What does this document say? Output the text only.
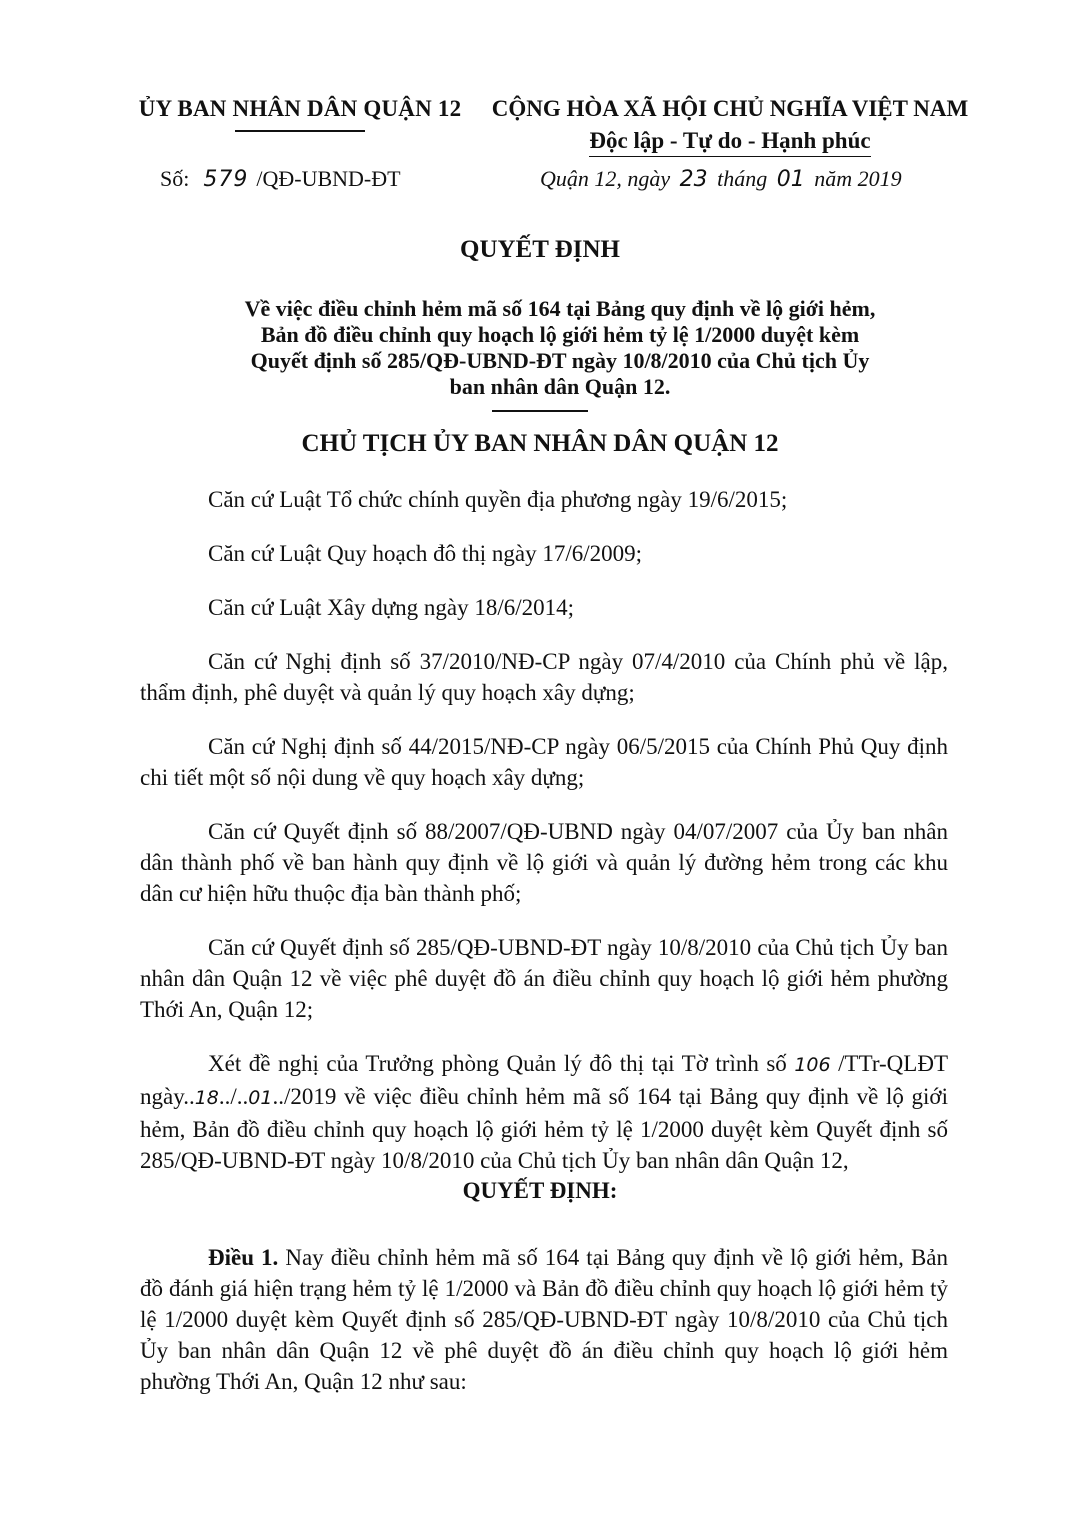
ỦY BAN NHÂN DÂN QUẬN 12	CỘNG HÒA XÃ HỘI CHỦ NGHĨA VIỆT NAM
Độc lập - Tự do - Hạnh phúc
Số: 579 /QĐ-UBND-ĐT	Quận 12, ngày 23 tháng 01 năm 2019
QUYẾT ĐỊNH
Về việc điều chỉnh hẻm mã số 164 tại Bảng quy định về lộ giới hẻm,
Bản đồ điều chỉnh quy hoạch lộ giới hẻm tỷ lệ 1/2000 duyệt kèm
Quyết định số 285/QĐ-UBND-ĐT ngày 10/8/2010 của Chủ tịch Ủy
ban nhân dân Quận 12.
CHỦ TỊCH ỦY BAN NHÂN DÂN QUẬN 12

Căn cứ Luật Tổ chức chính quyền địa phương ngày 19/6/2015;

Căn cứ Luật Quy hoạch đô thị ngày 17/6/2009;

Căn cứ Luật Xây dựng ngày 18/6/2014;

Căn cứ Nghị định số 37/2010/NĐ-CP ngày 07/4/2010 của Chính phủ về lập, thẩm định, phê duyệt và quản lý quy hoạch xây dựng;

Căn cứ Nghị định số 44/2015/NĐ-CP ngày 06/5/2015 của Chính Phủ Quy định chi tiết một số nội dung về quy hoạch xây dựng;

Căn cứ Quyết định số 88/2007/QĐ-UBND ngày 04/07/2007 của Ủy ban nhân dân thành phố về ban hành quy định về lộ giới và quản lý đường hẻm trong các khu dân cư hiện hữu thuộc địa bàn thành phố;

Căn cứ Quyết định số 285/QĐ-UBND-ĐT ngày 10/8/2010 của Chủ tịch Ủy ban nhân dân Quận 12 về việc phê duyệt đồ án điều chỉnh quy hoạch lộ giới hẻm phường Thới An, Quận 12;

Xét đề nghị của Trưởng phòng Quản lý đô thị tại Tờ trình số 106 /TTr-QLĐT ngày..18../..01../2019 về việc điều chỉnh hẻm mã số 164 tại Bảng quy định về lộ giới hẻm, Bản đồ điều chỉnh quy hoạch lộ giới hẻm tỷ lệ 1/2000 duyệt kèm Quyết định số 285/QĐ-UBND-ĐT ngày 10/8/2010 của Chủ tịch Ủy ban nhân dân Quận 12,

QUYẾT ĐỊNH:

Điều 1. Nay điều chỉnh hẻm mã số 164 tại Bảng quy định về lộ giới hẻm, Bản đồ đánh giá hiện trạng hẻm tỷ lệ 1/2000 và Bản đồ điều chỉnh quy hoạch lộ giới hẻm tỷ lệ 1/2000 duyệt kèm Quyết định số 285/QĐ-UBND-ĐT ngày 10/8/2010 của Chủ tịch Ủy ban nhân dân Quận 12 về phê duyệt đồ án điều chỉnh quy hoạch lộ giới hẻm phường Thới An, Quận 12 như sau:
